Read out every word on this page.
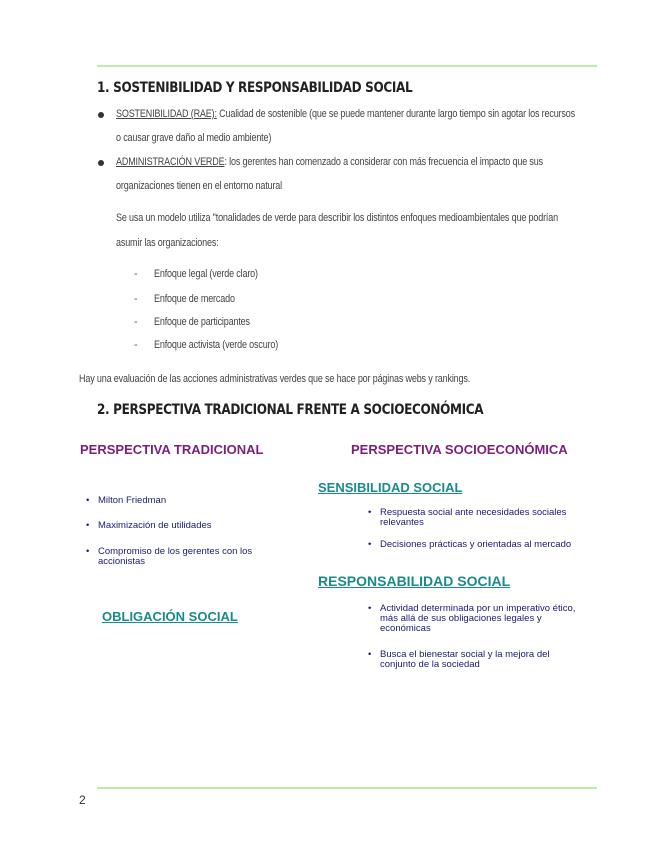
1. SOSTENIBILIDAD Y RESPONSABILIDAD SOCIAL
SOSTENIBILIDAD (RAE): Cualidad de sostenible (que se puede mantener durante largo tiempo sin agotar los recursos
o causar grave daño al medio ambiente)
ADMINISTRACIÓN VERDE: los gerentes han comenzado a considerar con más frecuencia el impacto que sus
organizaciones tienen en el entorno natural
Se usa un modelo utiliza "tonalidades de verde para describir los distintos enfoques medioambientales que podrían
asumir las organizaciones:
- Enfoque legal (verde claro)
- Enfoque de mercado
- Enfoque de participantes
- Enfoque activista (verde oscuro)
Hay una evaluación de las acciones administrativas verdes que se hace por páginas webs y rankings.
2. PERSPECTIVA TRADICIONAL FRENTE A SOCIOECONÓMICA
PERSPECTIVA TRADICIONAL
• Milton Friedman
• Maximización de utilidades
• Compromiso de los gerentes con los accionistas
OBLIGACIÓN SOCIAL
PERSPECTIVA SOCIOECONÓMICA
SENSIBILIDAD SOCIAL
• Respuesta social ante necesidades sociales relevantes
• Decisiones prácticas y orientadas al mercado
RESPONSABILIDAD SOCIAL
• Actividad determinada por un imperativo ético, más allá de sus obligaciones legales y económicas
• Busca el bienestar social y la mejora del conjunto de la sociedad
2
